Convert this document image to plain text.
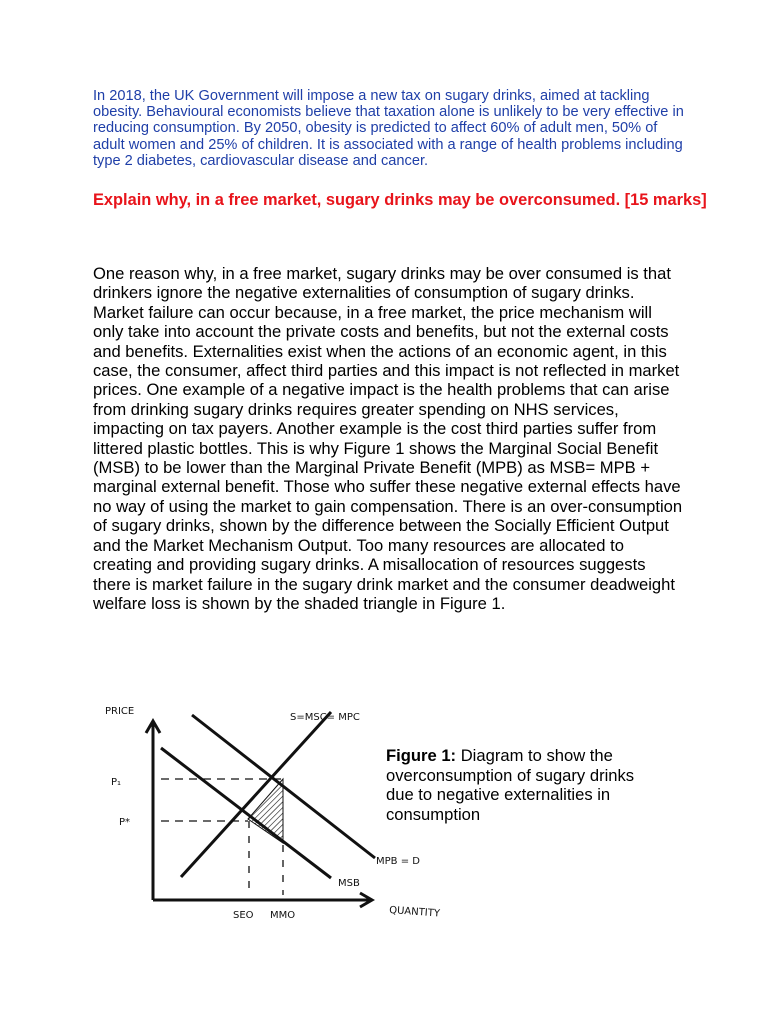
In 2018, the UK Government will impose a new tax on sugary drinks, aimed at tackling obesity. Behavioural economists believe that taxation alone is unlikely to be very effective in reducing consumption. By 2050, obesity is predicted to affect 60% of adult men, 50% of adult women and 25% of children. It is associated with a range of health problems including type 2 diabetes, cardiovascular disease and cancer.

Explain why, in a free market, sugary drinks may be overconsumed. [15 marks]

One reason why, in a free market, sugary drinks may be over consumed is that drinkers ignore the negative externalities of consumption of sugary drinks. Market failure can occur because, in a free market, the price mechanism will only take into account the private costs and benefits, but not the external costs and benefits. Externalities exist when the actions of an economic agent, in this case, the consumer, affect third parties and this impact is not reflected in market prices. One example of a negative impact is the health problems that can arise from drinking sugary drinks requires greater spending on NHS services, impacting on tax payers. Another example is the cost third parties suffer from littered plastic bottles. This is why Figure 1 shows the Marginal Social Benefit (MSB) to be lower than the Marginal Private Benefit (MPB) as MSB= MPB + marginal external benefit. Those who suffer these negative external effects have no way of using the market to gain compensation. There is an over-consumption of sugary drinks, shown by the difference between the Socially Efficient Output and the Market Mechanism Output. Too many resources are allocated to creating and providing sugary drinks. A misallocation of resources suggests there is market failure in the sugary drink market and the consumer deadweight welfare loss is shown by the shaded triangle in Figure 1.

PRICE
S=MSC= MPC
P₁
P*
MPB = D
MSB
SEO MMO	QUANTITY

Figure 1: Diagram to show the overconsumption of sugary drinks due to negative externalities in consumption
